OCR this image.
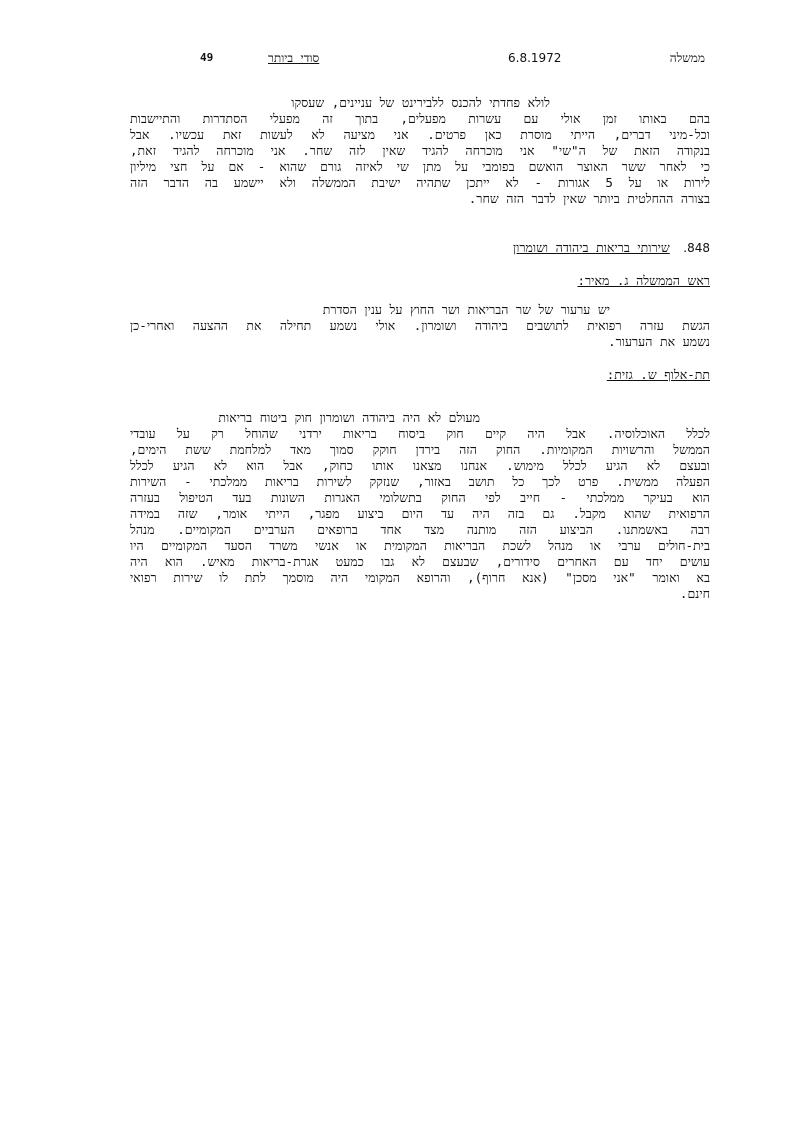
ממשלה
6.8.1972
סודי ביותר
49
לולא פחדתי להכנס ללבירינט של עניינים, שעסקו
בהם באותו זמן אולי עם עשרות מפעלים, בתוך זה מפעלי הסתדרות והתיישבות
וכל-מיני דברים, הייתי מוסרת כאן פרטים. אני מציעה לא לעשות זאת עכשיו. אבל
בנקודה הזאת של ה"שי" אני מוכרחה להגיד שאין לזה שחר. אני מוכרחה להגיד זאת,
כי לאחר ששר האוצר הואשם בפומבי על מתן שי לאיזה גורם שהוא - אם על חצי מיליון
לירות או על 5 אגורות - לא ייתכן שתהיה ישיבת הממשלה ולא יישמע בה הדבר הזה
בצורה ההחלטית ביותר שאין לדבר הזה שחר.
848. שירותי בריאות ביהודה ושומרון
ראש הממשלה ג. מאיר:
יש ערעור של שר הבריאות ושר החוץ על ענין הסדרת
הגשת עזרה רפואית לתושבים ביהודה ושומרון. אולי נשמע תחילה את ההצעה ואחרי-כן
נשמע את הערעור.
תת-אלוף ש. גזית:
מעולם לא היה ביהודה ושומרון חוק ביטוח בריאות
לכלל האוכלוסיה. אבל היה קיים חוק ביסוח בריאות ירדני שהוחל רק על עובדי
הממשל והרשויות המקומיות. החוק הזה בירדן חוקק סמוך מאד למלחמת ששת הימים,
ובעצם לא הגיע לכלל מימוש. אנחנו מצאנו אותו כחוק, אבל הוא לא הגיע לכלל
הפעלה ממשית. פרט לכך כל תושב באזור, שנזקק לשירות בריאות ממלכתי - השירות
הוא בעיקר ממלכתי - חייב לפי החוק בתשלומי האגרות השונות בעד הטיפול בעזרה
הרפואית שהוא מקבל. גם בזה היה עד היום ביצוע מפגר, הייתי אומר, שזה במידה
רבה באשמתנו. הביצוע הזה מותנה מצד אחד ברופאים הערביים המקומיים. מנהל
בית-חולים ערבי או מנהל לשכת הבריאות המקומית או אנשי משרד הסעד המקומיים היו
עושים יחד עם האחרים סידורים, שבעצם לא גבו כמעט אגרת-בריאות מאיש. הוא היה
בא ואומר "אני מסכן" (אנא חרוף), והרופא המקומי היה מוסמך לתת לו שירות רפואי
חינם.
